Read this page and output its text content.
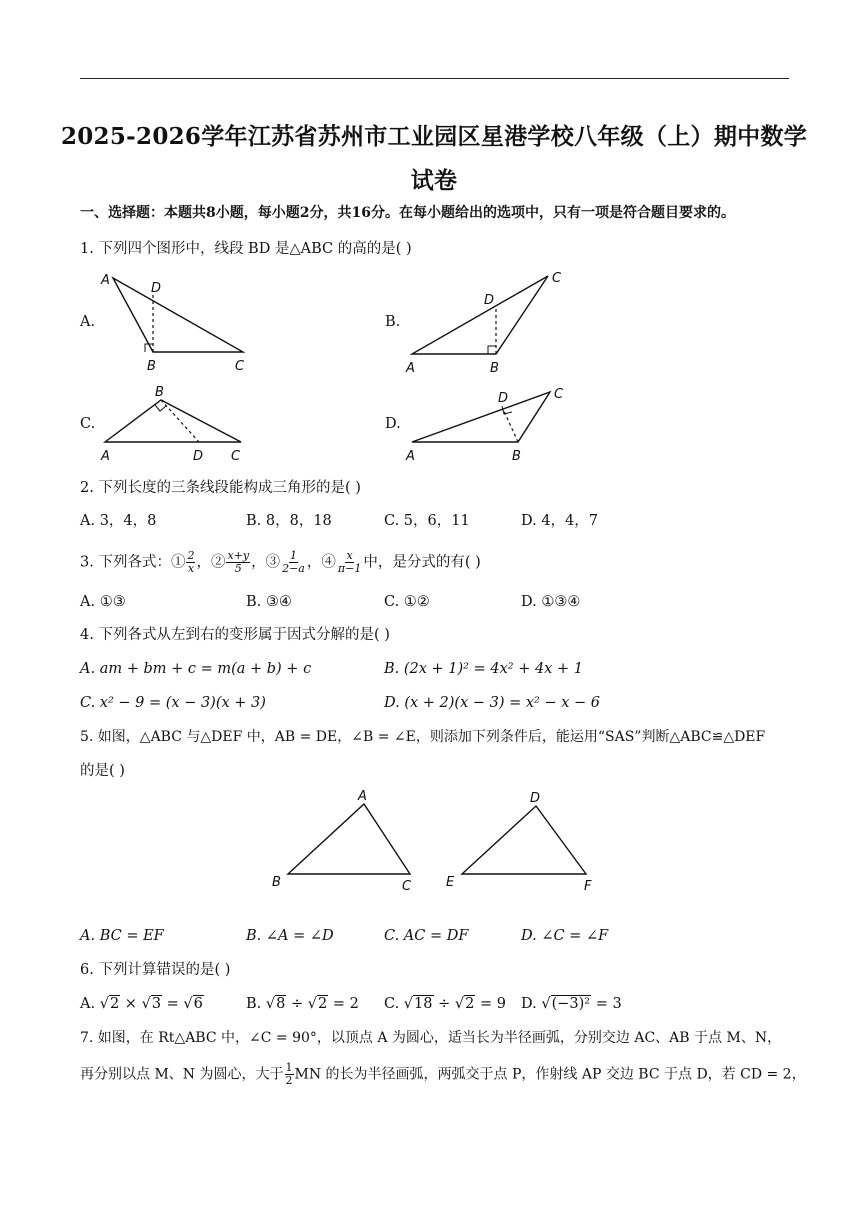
2025-2026学年江苏省苏州市工业园区星港学校八年级（上）期中数学
试卷
一、选择题：本题共8小题，每小题2分，共16分。在每小题给出的选项中，只有一项是符合题目要求的。
1. 下列四个图形中，线段 BD 是△ABC 的高的是( )
A.
A
D
B	C
B.
C
D
A	B
C.
B
A	D C
D.
C
D
A	B
2. 下列长度的三条线段能构成三角形的是( )
A. 3，4，8	B. 8，8，18	C. 5，6，11	D. 4，4，7
3. 下列各式：① $\frac{2}{x}$ ，② $\frac{x+y}{5}$ ，③ $\frac{1}{2-a}$ ，④ $\frac{x}{\pi-1}$ 中，是分式的有( )
A. ①③	B. ③④	C. ①②	D. ①③④
4. 下列各式从左到右的变形属于因式分解的是( )
A. am + bm + c = m(a + b) + c	B. (2x + 1)² = 4x² + 4x + 1
C. x² − 9 = (x − 3)(x + 3)	D. (x + 2)(x − 3) = x² − x − 6
5. 如图，△ABC 与△DEF 中，AB = DE，∠B = ∠E，则添加下列条件后，能运用“SAS”判断△ABC≌△DEF
的是( )
A
B	C
D
E	F
A. BC = EF	B. ∠A = ∠D	C. AC = DF	D. ∠C = ∠F
6. 下列计算错误的是( )
A. √2 × √3 = √6	B. √8 ÷ √2 = 2 C. √18 ÷ √2 = 9 D. √(−3)² = 3
7. 如图，在 Rt△ABC 中，∠C = 90°，以顶点 A 为圆心，适当长为半径画弧，分别交边 AC、AB 于点 M、N，
再分别以点 M、N 为圆心，大于 $\frac{1}{2}$ MN 的长为半径画弧，两弧交于点 P，作射线 AP 交边 BC 于点 D，若 CD = 2，
